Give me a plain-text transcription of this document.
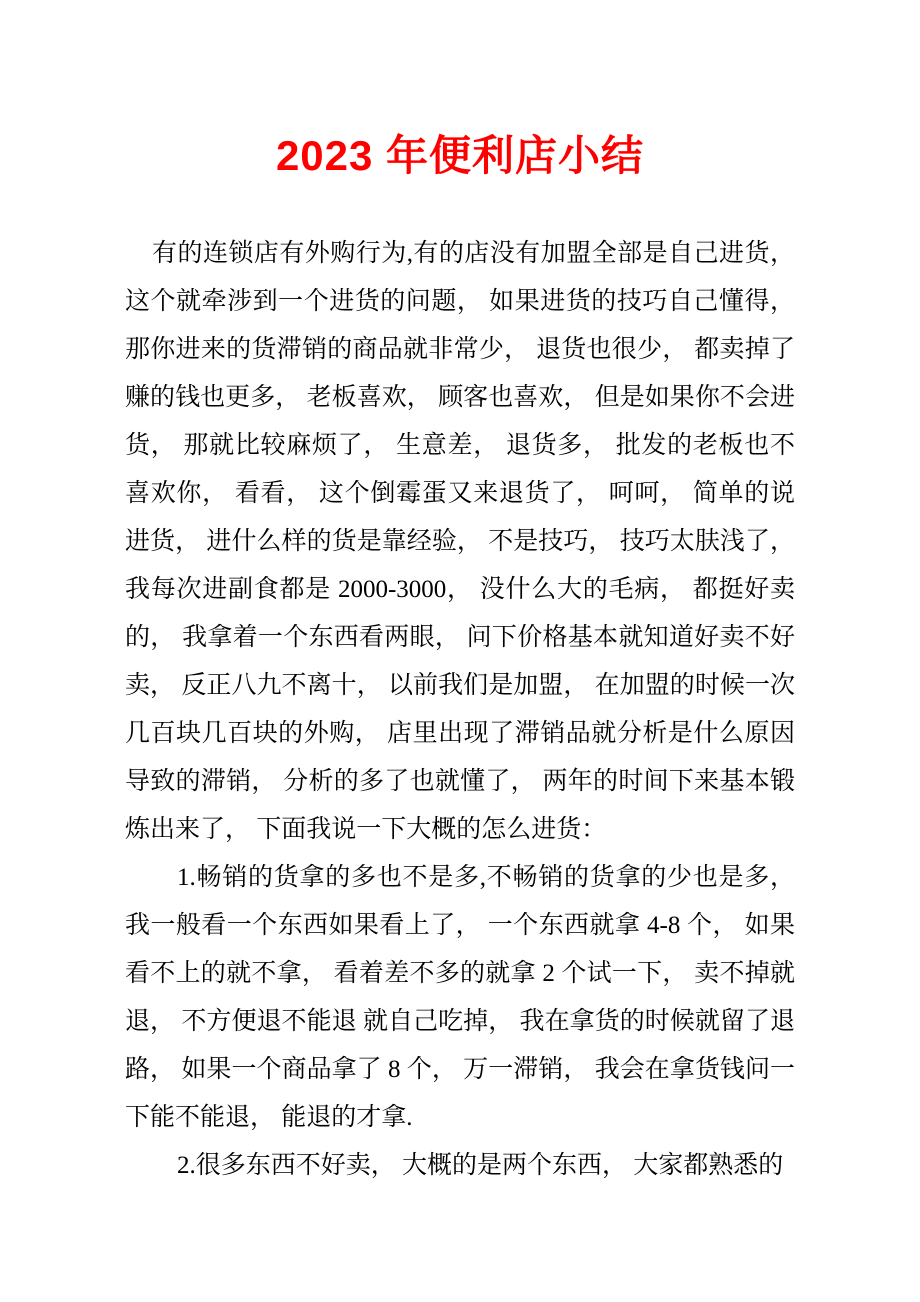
2023 年便利店小结

有的连锁店有外购行为,有的店没有加盟全部是自己进货， 这个就牵涉到一个进货的问题， 如果进货的技巧自己懂得， 那你进来的货滞销的商品就非常少， 退货也很少， 都卖掉了赚的钱也更多， 老板喜欢， 顾客也喜欢， 但是如果你不会进货， 那就比较麻烦了， 生意差， 退货多， 批发的老板也不喜欢你， 看看， 这个倒霉蛋又来退货了， 呵呵， 简单的说进货， 进什么样的货是靠经验， 不是技巧， 技巧太肤浅了， 我每次进副食都是 2000-3000， 没什么大的毛病， 都挺好卖的， 我拿着一个东西看两眼， 问下价格基本就知道好卖不好卖， 反正八九不离十， 以前我们是加盟， 在加盟的时候一次几百块几百块的外购， 店里出现了滞销品就分析是什么原因导致的滞销， 分析的多了也就懂了， 两年的时间下来基本锻炼出来了， 下面我说一下大概的怎么进货：

1.畅销的货拿的多也不是多,不畅销的货拿的少也是多， 我一般看一个东西如果看上了， 一个东西就拿 4-8 个， 如果看不上的就不拿， 看着差不多的就拿 2 个试一下， 卖不掉就退， 不方便退不能退 就自己吃掉， 我在拿货的时候就留了退路， 如果一个商品拿了 8 个， 万一滞销， 我会在拿货钱问一下能不能退， 能退的才拿.

2.很多东西不好卖， 大概的是两个东西， 大家都熟悉的
